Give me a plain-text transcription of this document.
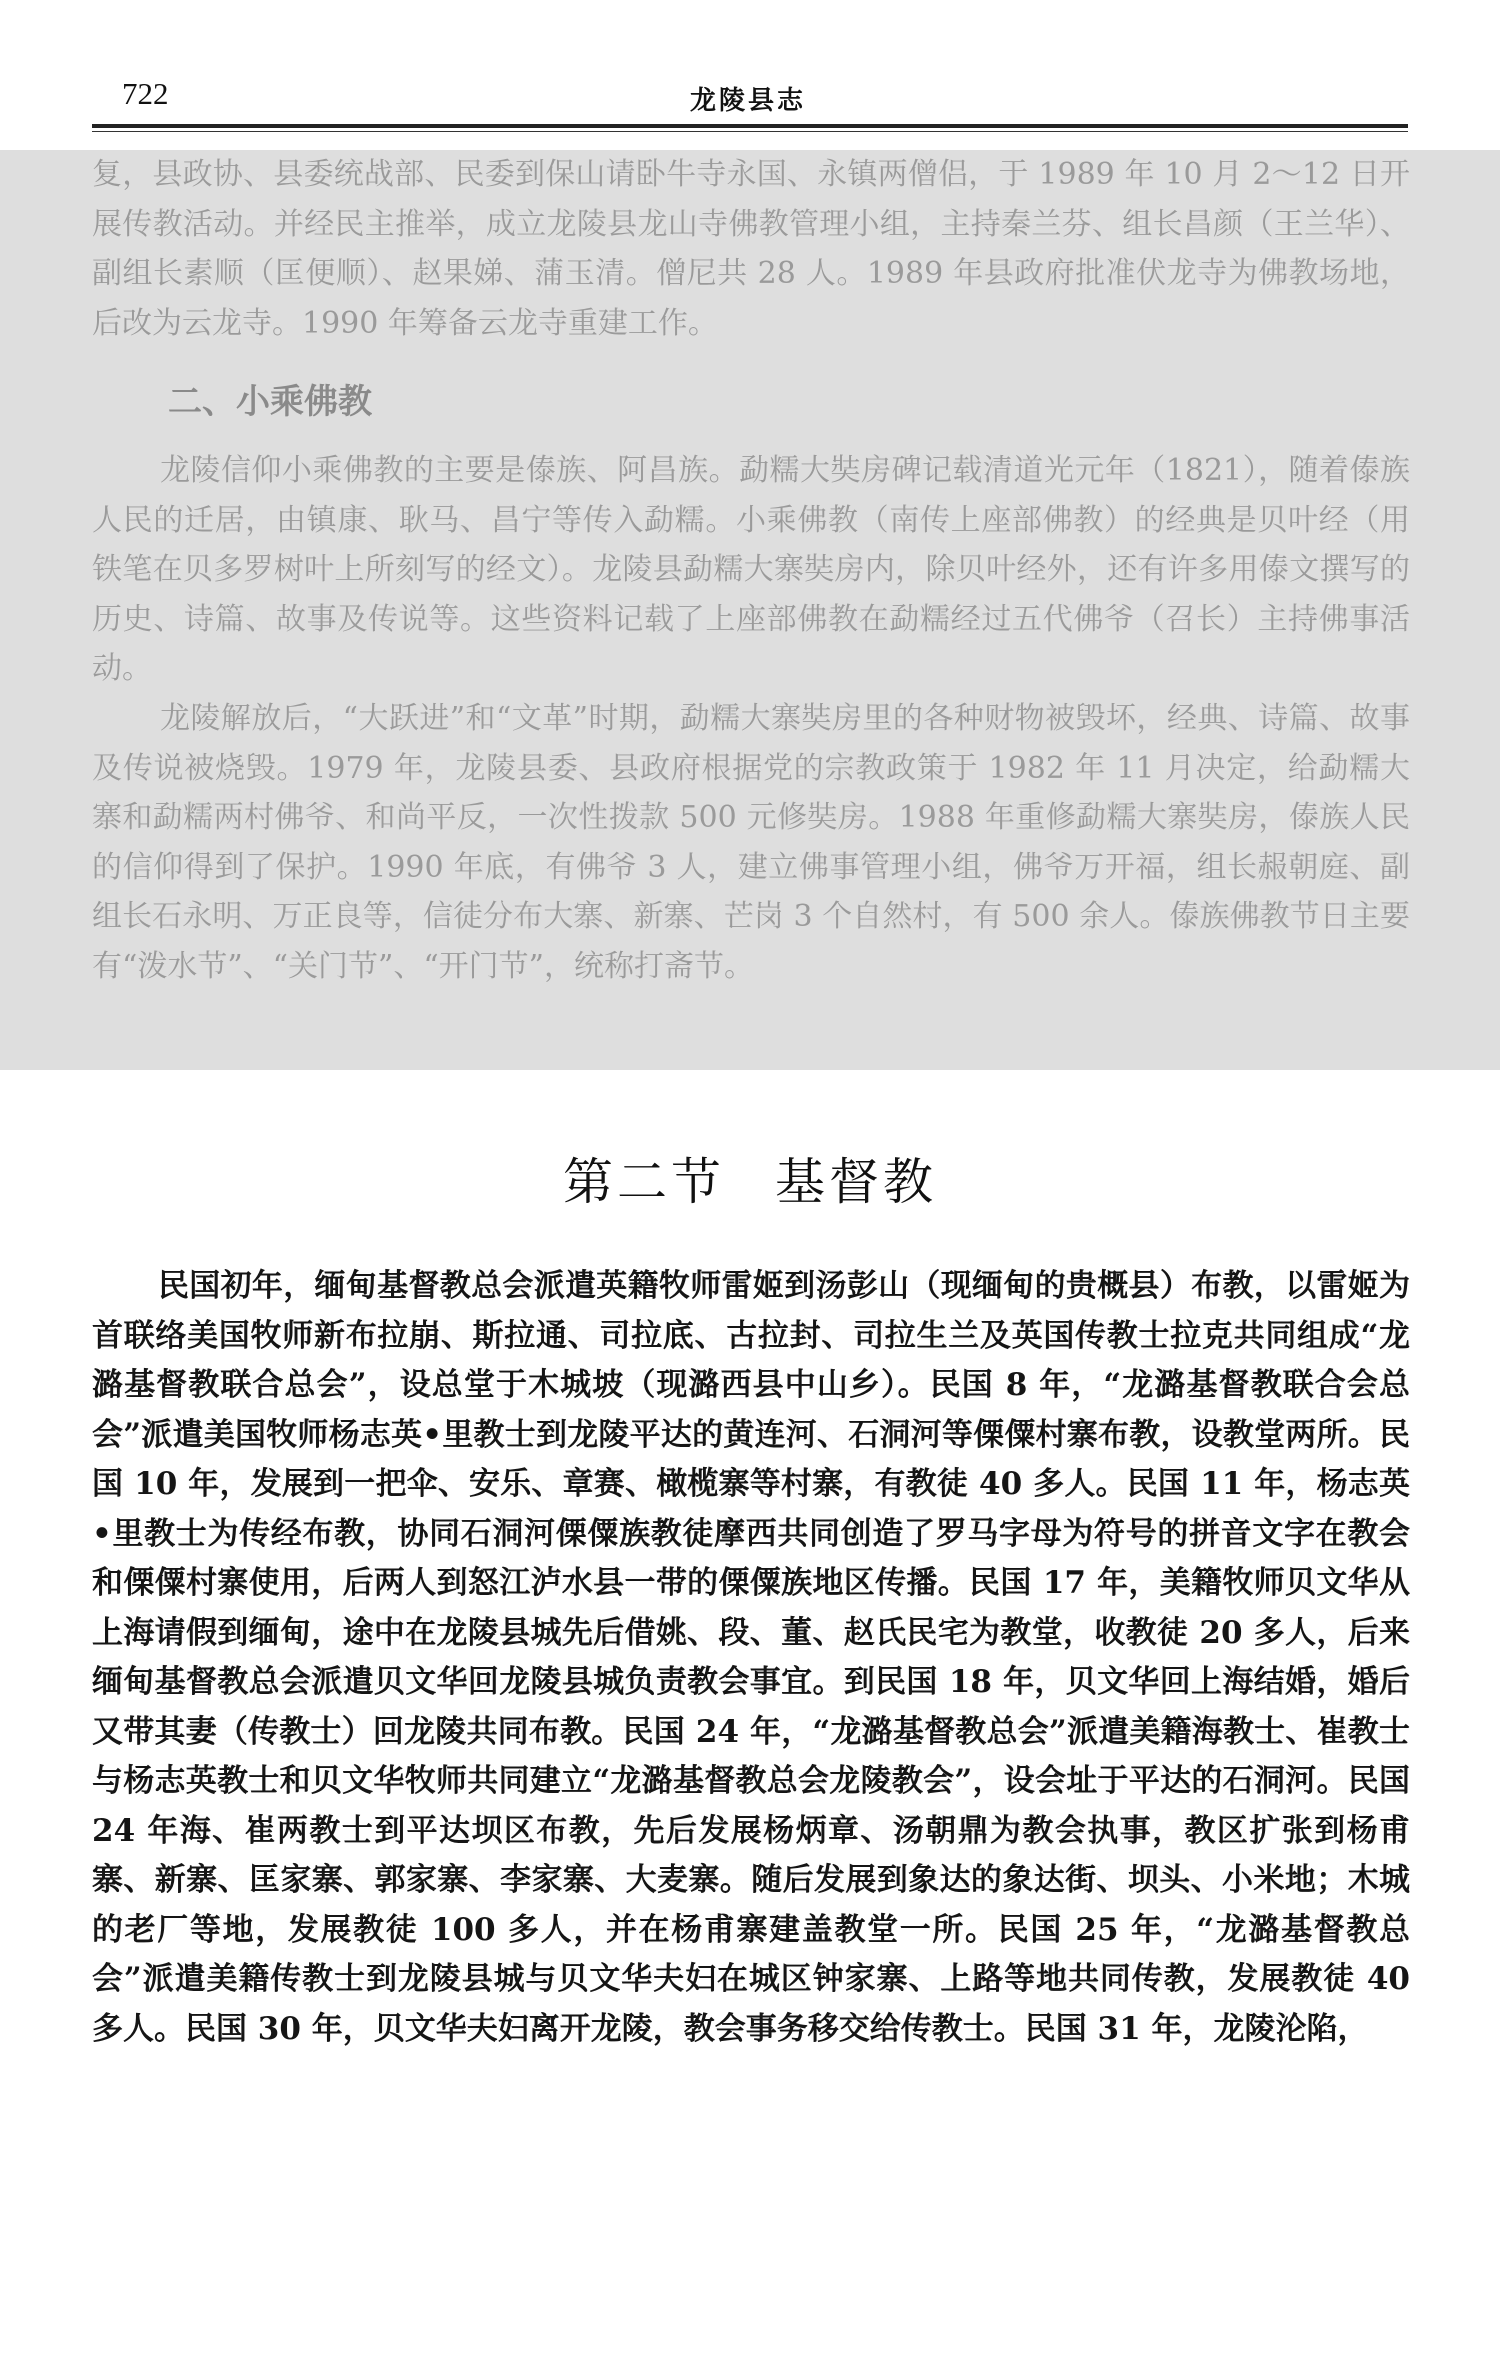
722	龙陵县志
复，县政协、县委统战部、民委到保山请卧牛寺永国、永镇两僧侣，于 1989 年 10 月 2～12 日开展传教活动。并经民主推举，成立龙陵县龙山寺佛教管理小组，主持秦兰芬、组长昌颜（王兰华）、副组长素顺（匡便顺）、赵果娣、蒲玉清。僧尼共 28 人。1989 年县政府批准伏龙寺为佛教场地，后改为云龙寺。1990 年筹备云龙寺重建工作。
二、小乘佛教
龙陵信仰小乘佛教的主要是傣族、阿昌族。勐糯大奘房碑记载清道光元年（1821），随着傣族人民的迁居，由镇康、耿马、昌宁等传入勐糯。小乘佛教（南传上座部佛教）的经典是贝叶经（用铁笔在贝多罗树叶上所刻写的经文）。龙陵县勐糯大寨奘房内，除贝叶经外，还有许多用傣文撰写的历史、诗篇、故事及传说等。这些资料记载了上座部佛教在勐糯经过五代佛爷（召长）主持佛事活动。
龙陵解放后，“大跃进”和“文革”时期，勐糯大寨奘房里的各种财物被毁坏，经典、诗篇、故事及传说被烧毁。1979 年，龙陵县委、县政府根据党的宗教政策于 1982 年 11 月决定，给勐糯大寨和勐糯两村佛爷、和尚平反，一次性拨款 500 元修奘房。1988 年重修勐糯大寨奘房，傣族人民的信仰得到了保护。1990 年底，有佛爷 3 人，建立佛事管理小组，佛爷万开福，组长赧朝庭、副组长石永明、万正良等，信徒分布大寨、新寨、芒岗 3 个自然村，有 500 余人。傣族佛教节日主要有“泼水节”、“关门节”、“开门节”，统称打斋节。
第二节 基督教
民国初年，缅甸基督教总会派遣英籍牧师雷姬到汤彭山（现缅甸的贵概县）布教，以雷姬为首联络美国牧师新布拉崩、斯拉通、司拉底、古拉封、司拉生兰及英国传教士拉克共同组成“龙潞基督教联合总会”，设总堂于木城坡（现潞西县中山乡）。民国 8 年，“龙潞基督教联合会总会”派遣美国牧师杨志英•里教士到龙陵平达的黄连河、石洞河等傈僳村寨布教，设教堂两所。民国 10 年，发展到一把伞、安乐、章赛、橄榄寨等村寨，有教徒 40 多人。民国 11 年，杨志英•里教士为传经布教，协同石洞河傈僳族教徒摩西共同创造了罗马字母为符号的拼音文字在教会和傈僳村寨使用，后两人到怒江泸水县一带的傈僳族地区传播。民国 17 年，美籍牧师贝文华从上海请假到缅甸，途中在龙陵县城先后借姚、段、董、赵氏民宅为教堂，收教徒 20 多人，后来缅甸基督教总会派遣贝文华回龙陵县城负责教会事宜。到民国 18 年，贝文华回上海结婚，婚后又带其妻（传教士）回龙陵共同布教。民国 24 年，“龙潞基督教总会”派遣美籍海教士、崔教士与杨志英教士和贝文华牧师共同建立“龙潞基督教总会龙陵教会”，设会址于平达的石洞河。民国 24 年海、崔两教士到平达坝区布教，先后发展杨炳章、汤朝鼎为教会执事，教区扩张到杨甫寨、新寨、匡家寨、郭家寨、李家寨、大麦寨。随后发展到象达的象达街、坝头、小米地；木城的老厂等地，发展教徒 100 多人，并在杨甫寨建盖教堂一所。民国 25 年，“龙潞基督教总会”派遣美籍传教士到龙陵县城与贝文华夫妇在城区钟家寨、上路等地共同传教，发展教徒 40 多人。民国 30 年，贝文华夫妇离开龙陵，教会事务移交给传教士。民国 31 年，龙陵沦陷，
